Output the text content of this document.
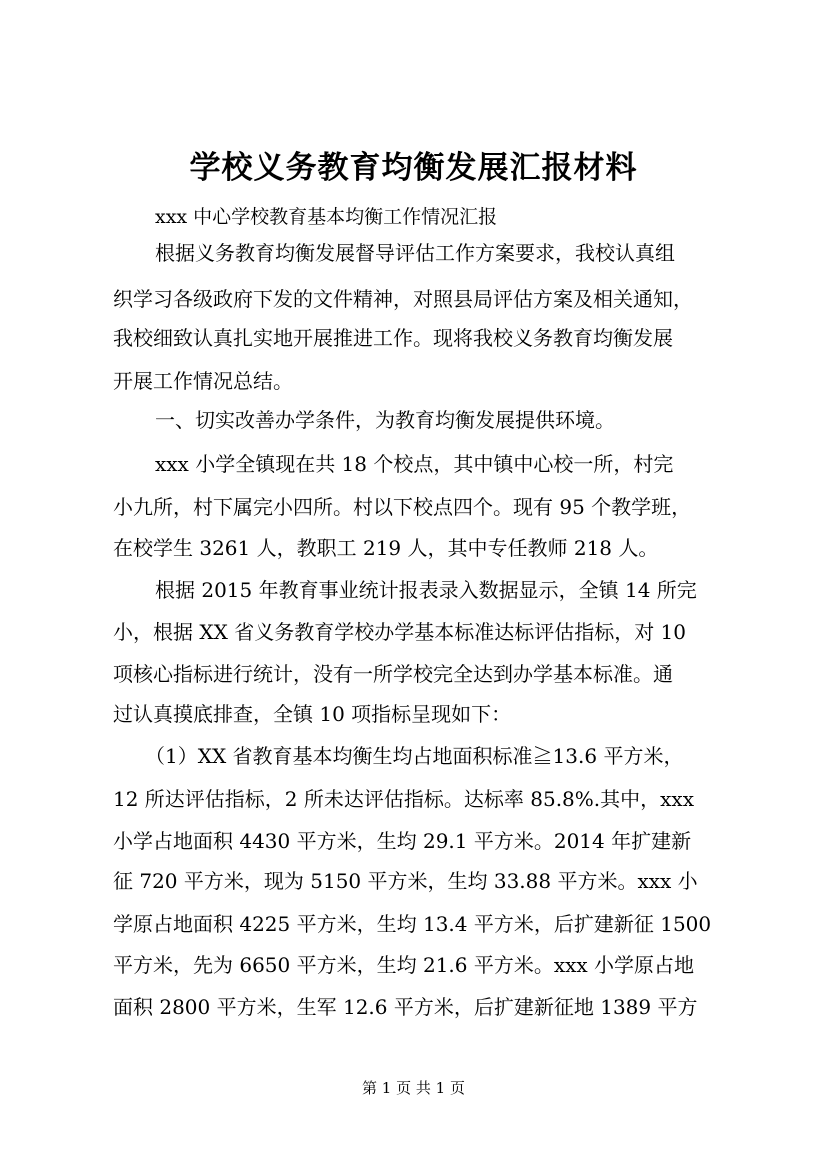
学校义务教育均衡发展汇报材料
xxx 中心学校教育基本均衡工作情况汇报
根据义务教育均衡发展督导评估工作方案要求，我校认真组
织学习各级政府下发的文件精神，对照县局评估方案及相关通知，
我校细致认真扎实地开展推进工作。现将我校义务教育均衡发展
开展工作情况总结。
一、切实改善办学条件，为教育均衡发展提供环境。
xxx 小学全镇现在共 18 个校点，其中镇中心校一所，村完
小九所，村下属完小四所。村以下校点四个。现有 95 个教学班，
在校学生 3261 人，教职工 219 人，其中专任教师 218 人。
根据 2015 年教育事业统计报表录入数据显示，全镇 14 所完
小，根据 XX 省义务教育学校办学基本标准达标评估指标，对 10
项核心指标进行统计，没有一所学校完全达到办学基本标准。通
过认真摸底排查，全镇 10 项指标呈现如下：
（1）XX 省教育基本均衡生均占地面积标准≧13.6 平方米，
12 所达评估指标，2 所未达评估指标。达标率 85.8%.其中，xxx
小学占地面积 4430 平方米，生均 29.1 平方米。2014 年扩建新
征 720 平方米，现为 5150 平方米，生均 33.88 平方米。xxx 小
学原占地面积 4225 平方米，生均 13.4 平方米，后扩建新征 1500
平方米，先为 6650 平方米，生均 21.6 平方米。xxx 小学原占地
面积 2800 平方米，生军 12.6 平方米，后扩建新征地 1389 平方
第 1 页 共 1 页
